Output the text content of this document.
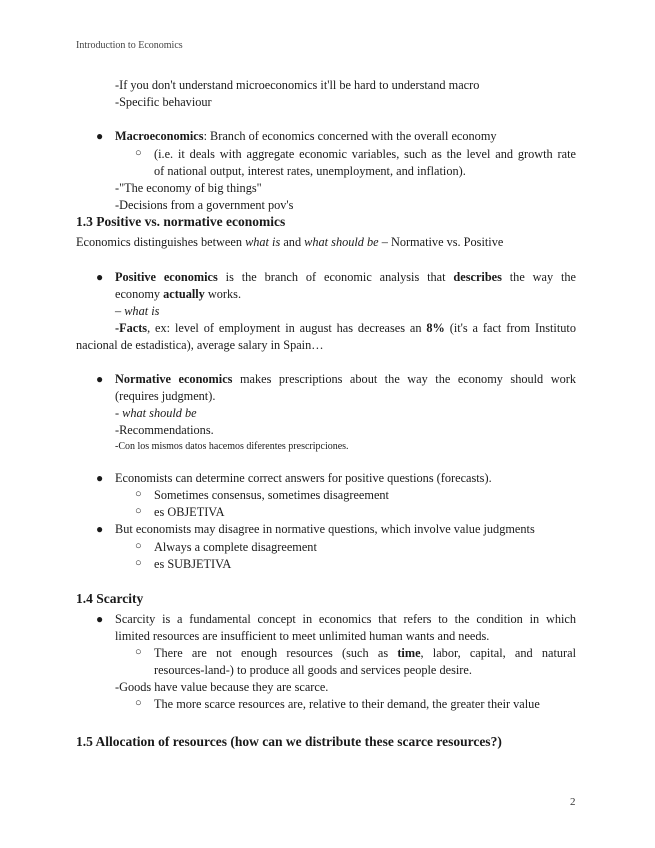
Introduction to Economics
-If you don't understand microeconomics it'll be hard to understand macro
-Specific behaviour
● Macroeconomics: Branch of economics concerned with the overall economy
○ (i.e. it deals with aggregate economic variables, such as the level and growth rate
of national output, interest rates, unemployment, and inflation).
-"The economy of big things"
-Decisions from a government pov's
1.3 Positive vs. normative economics
Economics distinguishes between what is and what should be – Normative vs. Positive
● Positive economics is the branch of economic analysis that describes the way the
economy actually works.
– what is
-Facts, ex: level of employment in august has decreases an 8% (it's a fact from Instituto
nacional de estadistica), average salary in Spain…
● Normative economics makes prescriptions about the way the economy should work
(requires judgment).
- what should be
-Recommendations.
-Con los mismos datos hacemos diferentes prescripciones.
● Economists can determine correct answers for positive questions (forecasts).
○ Sometimes consensus, sometimes disagreement
○ es OBJETIVA
● But economists may disagree in normative questions, which involve value judgments
○ Always a complete disagreement
○ es SUBJETIVA
1.4 Scarcity
● Scarcity is a fundamental concept in economics that refers to the condition in which
limited resources are insufficient to meet unlimited human wants and needs.
○ There are not enough resources (such as time, labor, capital, and natural
resources-land-) to produce all goods and services people desire.
-Goods have value because they are scarce.
○ The more scarce resources are, relative to their demand, the greater their value
1.5 Allocation of resources (how can we distribute these scarce resources?)
2
